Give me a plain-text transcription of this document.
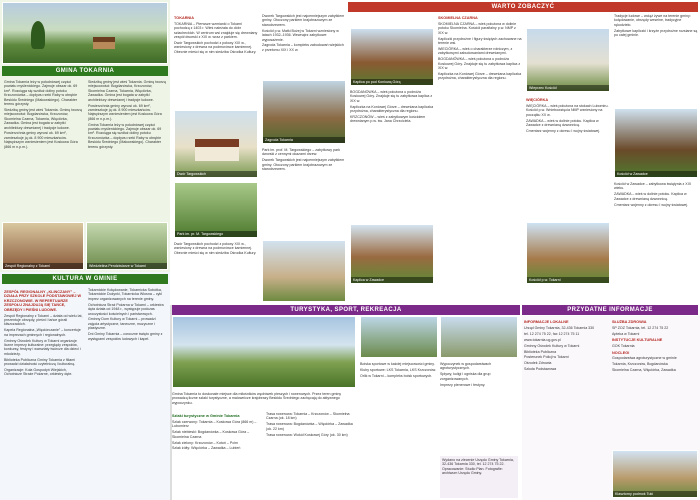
GMINA TOKARNIA

Gmina Tokarnia leży w południowej części powiatu myślenickiego. Zajmuje obszar ok. 69 km². Rozciąga się wzdłuż doliny potoku Krzczonówka – dopływu rzeki Raby w obrębie Beskidu Średniego (Makowskiego). Charakter terenu górzysty.

Siedzibą gminy jest wieś Tokarnia. Gminę tworzą miejscowości: Bogdanówka, Krzczonów, Skomielna Czarna, Tokarnia, Więciórka, Zawadka. Gmina jest bogata w zabytki architektury drewnianej i tradycje ludowe.

Powierzchnia gminy wynosi ok. 69 km², zamieszkuje ją ok. 8 900 mieszkańców. Najwyższym wzniesieniem jest Koskowa Góra (866 m n.p.m.).

Siedzibą gminy jest wieś Tokarnia. Gminę tworzą miejscowości: Bogdanówka, Krzczonów, Skomielna Czarna, Tokarnia, Więciórka, Zawadka. Gmina jest bogata w zabytki architektury drewnianej i tradycje ludowe.

Powierzchnia gminy wynosi ok. 69 km², zamieszkuje ją ok. 8 900 mieszkańców. Najwyższym wzniesieniem jest Koskowa Góra (866 m n.p.m.).

Gmina Tokarnia leży w południowej części powiatu myślenickiego. Zajmuje obszar ok. 69 km². Rozciąga się wzdłuż doliny potoku Krzczonówka – dopływu rzeki Raby w obrębie Beskidu Średniego (Makowskiego). Charakter terenu górzysty.

Zespół Regionalny z Tokarni	Wiedzielina Pendziwiarze w Tokarni
KULTURA W GMINIE

ZESPÓŁ REGIONALNY „KLINCZANY” – DZIAŁA PRZY SZKOLE PODSTAWOWEJ W KRZCZONOWIE. W REPERTUARZE ZESPOŁU ZNAJDUJĄ SIĘ TAŃCE, OBRZĘDY I PIEŚNI LUDOWE.

Zespół Regionalny z Tokarni – działa od wielu lat, prezentuje obrzędy, pieśni i tańce górali kliszczackich.

Kapela Regionalna „Więciórczanie” – koncertuje na imprezach gminnych i regionalnych.

Gminny Ośrodek Kultury w Tokarni organizuje liczne imprezy kulturalne: przeglądy zespołów, konkursy, festyny i warsztaty twórcze dla dzieci i młodzieży.

Biblioteka Publiczna Gminy Tokarnia z filiami prowadzi działalność czytelniczą i kulturalną.

Organizacje: Koła Gospodyń Wiejskich, Ochotnicze Straże Pożarne, orkiestry dęte.

Tokarnickie Kolędowanie, Tokarnicka Sobótka, Tokarnickie Dożynki, Tokarnicka Wiosna – cykl imprez organizowanych na terenie gminy.

Ochotnicza Straż Pożarna w Tokarni – orkiestra dęta działa od 1948 r., występuje podczas uroczystości kościelnych i państwowych.

Gminny Dom Kultury w Tokarni – prowadzi zajęcia artystyczne, taneczne, muzyczne i plastyczne.

Dni Gminy Tokarnia – coroczne święto gminy z występami zespołów ludowych i kapel.

TOKARNIA

TOKARNIA – Pierwsze wzmianki o Tokarni pochodzą z 1403 r. Wieś należała do dóbr szlacheckich. W centrum wsi znajduje się drewniany zespół dworski z XIX w. wraz z parkiem.

Dwór Targowskich pochodzi z połowy XIX w., wzniesiony z drewna na podmurówce kamiennej. Obecnie mieści się w nim siedziba Ośrodka Kultury.

Dworek Targowskich jest najcenniejszym zabytkiem gminy. Otoczony parkiem krajobrazowym ze starodrzewem.

Kościół p.w. Matki Bożej w Tokarni wzniesiony w latach 1932–1936. Wewnątrz zabytkowe wyposażenie.

Zagroda Tokarnia – kompleks zabudowań wiejskich z przełomu XIX i XX w.

Dwór Targowskich
Zagroda Tokarnia

Park im. prof. M. Targowskiego – zabytkowy park dworski z cennymi okazami drzew.

Dworek Targowskich jest najcenniejszym zabytkiem gminy. Otoczony parkiem krajobrazowym ze starodrzewem.

Park im. pr. M. Targowskiego

Dwór Targowskich pochodzi z połowy XIX w., wzniesiony z drewna na podmurówce kamiennej. Obecnie mieści się w nim siedziba Ośrodka Kultury.

WARTO ZOBACZYĆ
Kaplica po pod Koniową Górą

BOGDANÓWKA – wieś położona u podnóża Koskowej Góry. Znajduje się tu zabytkowa kaplica z XIX w.

Kapliczka na Koniowej Górze – drewniana kapliczka przydrożna, charakterystyczna dla regionu.

KRZCZONÓW – wieś z zabytkowym kościołem drewnianym p.w. św. Jana Chrzciciela.

Kaplica w Zawadce

SKOMIELNA CZARNA

SKOMIELNA CZARNA – wieś położona w dolinie potoku Skomielna. Kościół parafialny p.w. NMP z XIX w.

Kapliczki przydrożne i figury świętych zachowane na terenie wsi.

WIECIÓRKA – wieś o charakterze rolniczym, z zabytkowymi zabudowaniami drewnianymi.

BOGDANÓWKA – wieś położona u podnóża Koskowej Góry. Znajduje się tu zabytkowa kaplica z XIX w.

Kapliczka na Koniowej Górze – drewniana kapliczka przydrożna, charakterystyczna dla regionu.

Wieprzec Kościół

WIĘCIÓRKA

WIĘCIÓRKA – wieś położona na stokach Lubomiru. Kościół p.w. Wniebowzięcia NMP wzniesiony na początku XX w.

ZAWADKA – wieś w dolinie potoku. Kaplica w Zawadce z drewnianą dzwonnicą.

Cmentarz wojenny z okresu I wojny światowej.

Kościół p.w. Tokarni

Tradycje ludowe – wciąż żywe na terenie gminy: kolędowanie, obrzędy weselne, tradycyjne rękodzieło.

Zabytkowe kapliczki i krzyże przydrożne rozsiane są po całej gminie.

Kościół w Zawadce

Kościół w Zawadce – zabytkowa świątynia z XIX wieku.

ZAWADKA – wieś w dolinie potoku. Kaplica w Zawadce z drewnianą dzwonnicą.

Cmentarz wojenny z okresu I wojny światowej.

TURYSTYKA, SPORT, REKREACJA	PRZYDATNE INFORMACJE

Gmina Tokarnia to doskonałe miejsce dla miłośników wędrówek pieszych i rowerowych. Przez teren gminy prowadzą liczne szlaki turystyczne, a malownicze krajobrazy Beskidu Średniego zachęcają do aktywnego wypoczynku.

Szlaki turystyczne w Gminie Tokarnia

Szlak czerwony: Tokarnia – Koskowa Góra (866 m) – Lubomierz

Szlak niebieski: Bogdanówka – Koskowa Góra – Skomielna Czarna

Szlak zielony: Krzczonów – Kotoń – Pcim

Szlak żółty: Więciórka – Zawadka – Lubień

Trasa rowerowa: Tokarnia – Krzczonów – Skomielna Czarna (ok. 18 km)

Trasa rowerowa: Bogdanówka – Więciórka – Zawadka (ok. 22 km)

Trasa rowerowa: Wokół Koskowej Góry (ok. 30 km)

Boiska sportowe w każdej miejscowości gminy.

Kluby sportowe: LKS Tokarnia, LKS Krzczonów.

Orlik w Tokarni – kompleks boisk sportowych.

Wypoczynek w gospodarstwach agroturystycznych.

Spływy, kuligi i ogniska dla grup zorganizowanych.

Imprezy plenerowe i festyny.

Wydano na zlecenie Urzędu Gminy Tokarnia, 32-436 Tokarnia 330, tel. 12 274 75 22. Opracowanie: Studio Plan. Fotografie: archiwum Urzędu Gminy.

INFORMACJE LOKALNE

Urząd Gminy Tokarnia, 32-436 Tokarnia 330

tel. 12 274 75 22, fax 12 274 75 11

www.tokarnia.ug.gov.pl

Gminny Ośrodek Kultury w Tokarni

Biblioteka Publiczna

Posterunek Policji w Tokarni

Ośrodek Zdrowia

Szkoła Podstawowa

SŁUŻBA ZDROWIA

SP ZOZ Tokarnia, tel. 12 274 75 22

Apteka w Tokarni

INSTYTUCJE KULTURALNE

GOK Tokarnia

NOCLEGI

Gospodarstwa agroturystyczne w gminie

Tokarnia, Krzczonów, Bogdanówka

Skomielna Czarna, Więciórka, Zawadka

Klasztorny podmok Tuki
